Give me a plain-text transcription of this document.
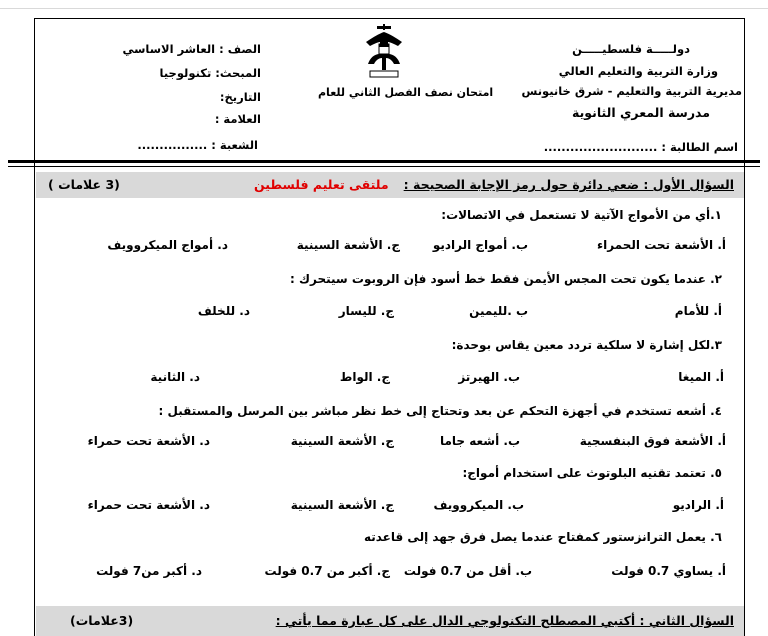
دولـــــة فلسطيـــــن
وزارة التربية والتعليم العالي
مديرية التربية والتعليم - شرق خانيونس
مدرسة المعري الثانوية
اسم الطالبة : ..........................
الصف : العاشر الاساسي
المبحث: تكنولوجيا
التاريخ:
العلامة :
الشعبة : ................
امتحان نصف الفصل الثاني للعام
السؤال الأول : ضعي دائرة حول رمز الإجابة الصحيحة :
ملتقى تعليم فلسطين
(3 علامات )
١.أي من الأمواج الآتية لا تستعمل في الاتصالات:
أ. الأشعة تحت الحمراء
ب. أمواج الراديو
ج. الأشعة السينية
د. أمواج الميكروويف
٢. عندما يكون تحت المجس الأيمن فقط خط أسود فإن الروبوت سيتحرك :
أ. للأمام
ب .لليمين
ج. لليسار
د. للخلف
٣.لكل إشارة لا سلكية تردد معين يقاس بوحدة:
أ. الميغا
ب. الهيرتز
ج. الواط
د. الثانية
٤. أشعه تستخدم في أجهزة التحكم عن بعد وتحتاج إلى خط نظر مباشر بين المرسل والمستقبل :
أ. الأشعة فوق البنفسجية
ب. أشعه جاما
ج. الأشعة السينية
د. الأشعة تحت حمراء
٥. تعتمد تقنيه البلوتوث على استخدام أمواج:
أ. الراديو
ب. الميكروويف
ج. الأشعة السينية
د. الأشعة تحت حمراء
٦. يعمل الترانزستور كمفتاح عندما يصل فرق جهد إلى قاعدته
أ. يساوي 0.7 فولت
ب. أقل من 0.7 فولت
ج. أكبر من 0.7 فولت
د. أكبر من7 فولت
السؤال الثاني : أكتبي المصطلح التكنولوجي الدال على كل عبارة مما يأتي :
(3علامات)
